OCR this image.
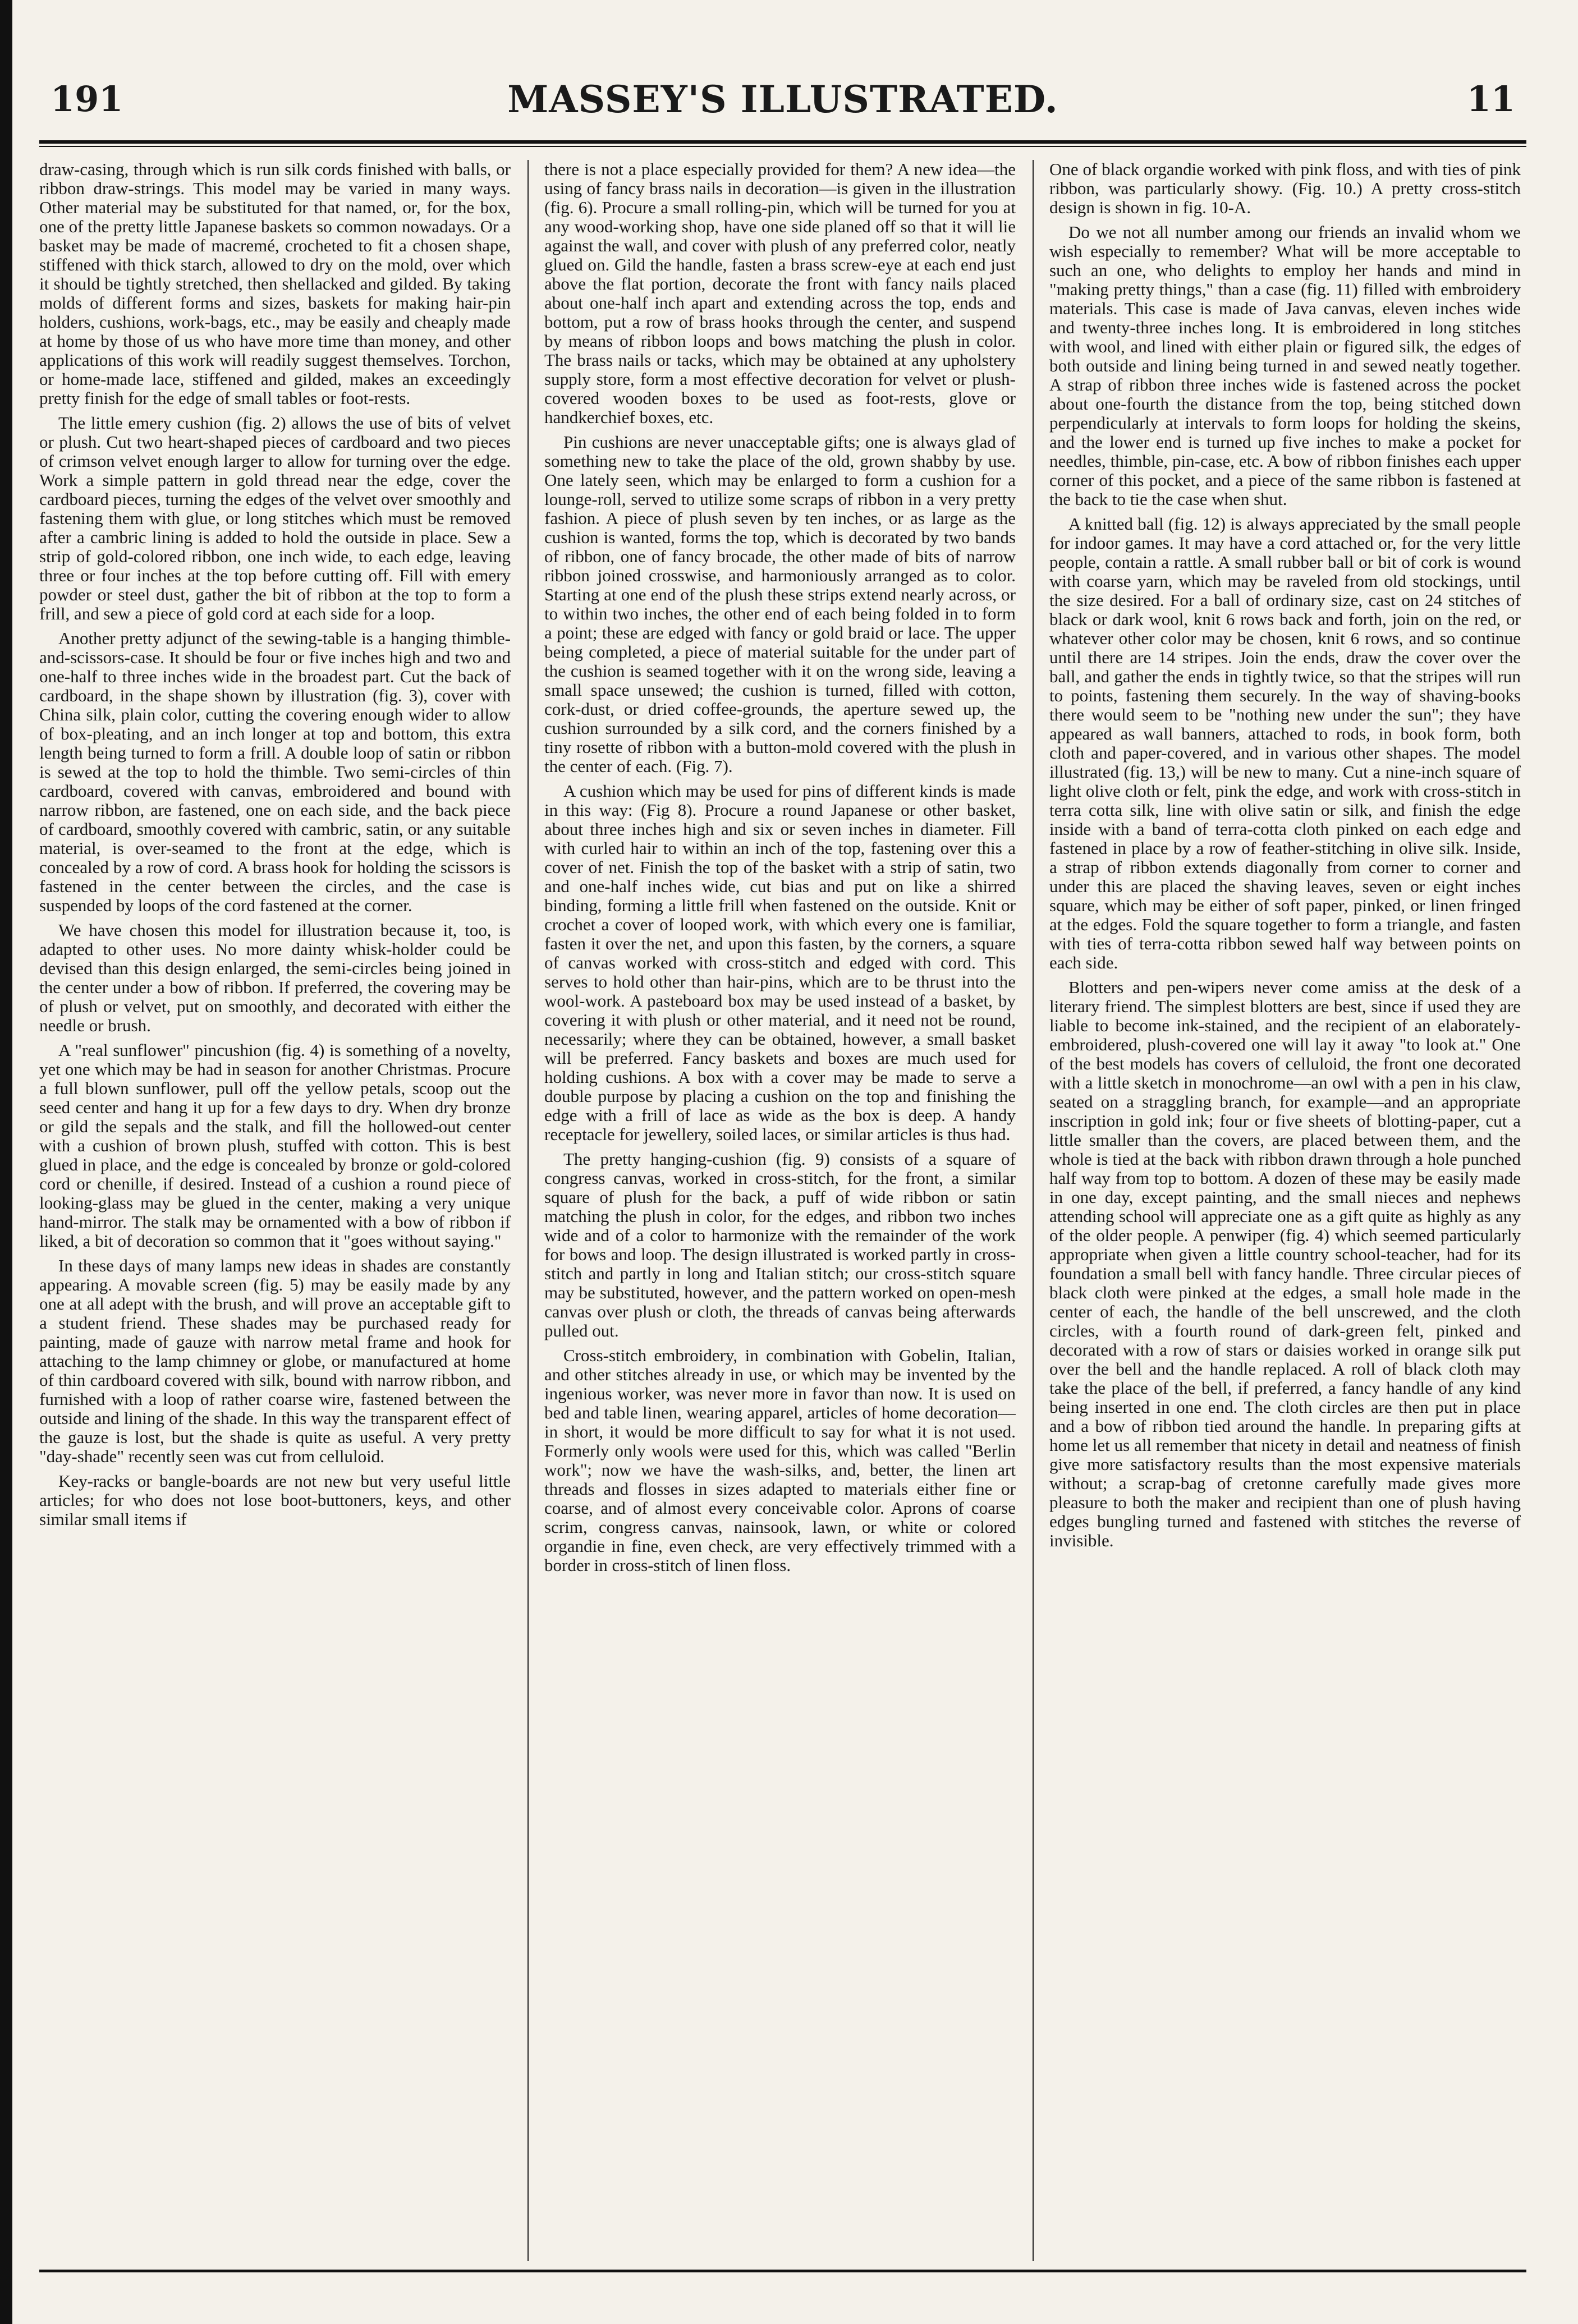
191	MASSEY'S ILLUSTRATED.	11

draw-casing, through which is run silk cords finished with balls, or ribbon draw-strings. This model may be varied in many ways. Other material may be substituted for that named, or, for the box, one of the pretty little Japanese baskets so common nowadays. Or a basket may be made of macremé, crocheted to fit a chosen shape, stiffened with thick starch, allowed to dry on the mold, over which it should be tightly stretched, then shellacked and gilded. By taking molds of different forms and sizes, baskets for making hair-pin holders, cushions, work-bags, etc., may be easily and cheaply made at home by those of us who have more time than money, and other applications of this work will readily suggest themselves. Torchon, or home-made lace, stiffened and gilded, makes an exceedingly pretty finish for the edge of small tables or foot-rests.

The little emery cushion (fig. 2) allows the use of bits of velvet or plush. Cut two heart-shaped pieces of cardboard and two pieces of crimson velvet enough larger to allow for turning over the edge. Work a simple pattern in gold thread near the edge, cover the cardboard pieces, turning the edges of the velvet over smoothly and fastening them with glue, or long stitches which must be removed after a cambric lining is added to hold the outside in place. Sew a strip of gold-colored ribbon, one inch wide, to each edge, leaving three or four inches at the top before cutting off. Fill with emery powder or steel dust, gather the bit of ribbon at the top to form a frill, and sew a piece of gold cord at each side for a loop.

Another pretty adjunct of the sewing-table is a hanging thimble-and-scissors-case. It should be four or five inches high and two and one-half to three inches wide in the broadest part. Cut the back of cardboard, in the shape shown by illustration (fig. 3), cover with China silk, plain color, cutting the covering enough wider to allow of box-pleating, and an inch longer at top and bottom, this extra length being turned to form a frill. A double loop of satin or ribbon is sewed at the top to hold the thimble. Two semi-circles of thin cardboard, covered with canvas, embroidered and bound with narrow ribbon, are fastened, one on each side, and the back piece of cardboard, smoothly covered with cambric, satin, or any suitable material, is over-seamed to the front at the edge, which is concealed by a row of cord. A brass hook for holding the scissors is fastened in the center between the circles, and the case is suspended by loops of the cord fastened at the corner.

We have chosen this model for illustration because it, too, is adapted to other uses. No more dainty whisk-holder could be devised than this design enlarged, the semi-circles being joined in the center under a bow of ribbon. If preferred, the covering may be of plush or velvet, put on smoothly, and decorated with either the needle or brush.

A "real sunflower" pincushion (fig. 4) is something of a novelty, yet one which may be had in season for another Christmas. Procure a full blown sunflower, pull off the yellow petals, scoop out the seed center and hang it up for a few days to dry. When dry bronze or gild the sepals and the stalk, and fill the hollowed-out center with a cushion of brown plush, stuffed with cotton. This is best glued in place, and the edge is concealed by bronze or gold-colored cord or chenille, if desired. Instead of a cushion a round piece of looking-glass may be glued in the center, making a very unique hand-mirror. The stalk may be ornamented with a bow of ribbon if liked, a bit of decoration so common that it "goes without saying."

In these days of many lamps new ideas in shades are constantly appearing. A movable screen (fig. 5) may be easily made by any one at all adept with the brush, and will prove an acceptable gift to a student friend. These shades may be purchased ready for painting, made of gauze with narrow metal frame and hook for attaching to the lamp chimney or globe, or manufactured at home of thin cardboard covered with silk, bound with narrow ribbon, and furnished with a loop of rather coarse wire, fastened between the outside and lining of the shade. In this way the transparent effect of the gauze is lost, but the shade is quite as useful. A very pretty "day-shade" recently seen was cut from celluloid.

Key-racks or bangle-boards are not new but very useful little articles; for who does not lose boot-buttoners, keys, and other similar small items if

there is not a place especially provided for them? A new idea—the using of fancy brass nails in decoration—is given in the illustration (fig. 6). Procure a small rolling-pin, which will be turned for you at any wood-working shop, have one side planed off so that it will lie against the wall, and cover with plush of any preferred color, neatly glued on. Gild the handle, fasten a brass screw-eye at each end just above the flat portion, decorate the front with fancy nails placed about one-half inch apart and extending across the top, ends and bottom, put a row of brass hooks through the center, and suspend by means of ribbon loops and bows matching the plush in color. The brass nails or tacks, which may be obtained at any upholstery supply store, form a most effective decoration for velvet or plush-covered wooden boxes to be used as foot-rests, glove or handkerchief boxes, etc.

Pin cushions are never unacceptable gifts; one is always glad of something new to take the place of the old, grown shabby by use. One lately seen, which may be enlarged to form a cushion for a lounge-roll, served to utilize some scraps of ribbon in a very pretty fashion. A piece of plush seven by ten inches, or as large as the cushion is wanted, forms the top, which is decorated by two bands of ribbon, one of fancy brocade, the other made of bits of narrow ribbon joined crosswise, and harmoniously arranged as to color. Starting at one end of the plush these strips extend nearly across, or to within two inches, the other end of each being folded in to form a point; these are edged with fancy or gold braid or lace. The upper being completed, a piece of material suitable for the under part of the cushion is seamed together with it on the wrong side, leaving a small space unsewed; the cushion is turned, filled with cotton, cork-dust, or dried coffee-grounds, the aperture sewed up, the cushion surrounded by a silk cord, and the corners finished by a tiny rosette of ribbon with a button-mold covered with the plush in the center of each. (Fig. 7).

A cushion which may be used for pins of different kinds is made in this way: (Fig 8). Procure a round Japanese or other basket, about three inches high and six or seven inches in diameter. Fill with curled hair to within an inch of the top, fastening over this a cover of net. Finish the top of the basket with a strip of satin, two and one-half inches wide, cut bias and put on like a shirred binding, forming a little frill when fastened on the outside. Knit or crochet a cover of looped work, with which every one is familiar, fasten it over the net, and upon this fasten, by the corners, a square of canvas worked with cross-stitch and edged with cord. This serves to hold other than hair-pins, which are to be thrust into the wool-work. A pasteboard box may be used instead of a basket, by covering it with plush or other material, and it need not be round, necessarily; where they can be obtained, however, a small basket will be preferred. Fancy baskets and boxes are much used for holding cushions. A box with a cover may be made to serve a double purpose by placing a cushion on the top and finishing the edge with a frill of lace as wide as the box is deep. A handy receptacle for jewellery, soiled laces, or similar articles is thus had.

The pretty hanging-cushion (fig. 9) consists of a square of congress canvas, worked in cross-stitch, for the front, a similar square of plush for the back, a puff of wide ribbon or satin matching the plush in color, for the edges, and ribbon two inches wide and of a color to harmonize with the remainder of the work for bows and loop. The design illustrated is worked partly in cross-stitch and partly in long and Italian stitch; our cross-stitch square may be substituted, however, and the pattern worked on open-mesh canvas over plush or cloth, the threads of canvas being afterwards pulled out.

Cross-stitch embroidery, in combination with Gobelin, Italian, and other stitches already in use, or which may be invented by the ingenious worker, was never more in favor than now. It is used on bed and table linen, wearing apparel, articles of home decoration—in short, it would be more difficult to say for what it is not used. Formerly only wools were used for this, which was called "Berlin work"; now we have the wash-silks, and, better, the linen art threads and flosses in sizes adapted to materials either fine or coarse, and of almost every conceivable color. Aprons of coarse scrim, congress canvas, nainsook, lawn, or white or colored organdie in fine, even check, are very effectively trimmed with a border in cross-stitch of linen floss.

One of black organdie worked with pink floss, and with ties of pink ribbon, was particularly showy. (Fig. 10.) A pretty cross-stitch design is shown in fig. 10-A.

Do we not all number among our friends an invalid whom we wish especially to remember? What will be more acceptable to such an one, who delights to employ her hands and mind in "making pretty things," than a case (fig. 11) filled with embroidery materials. This case is made of Java canvas, eleven inches wide and twenty-three inches long. It is embroidered in long stitches with wool, and lined with either plain or figured silk, the edges of both outside and lining being turned in and sewed neatly together. A strap of ribbon three inches wide is fastened across the pocket about one-fourth the distance from the top, being stitched down perpendicularly at intervals to form loops for holding the skeins, and the lower end is turned up five inches to make a pocket for needles, thimble, pin-case, etc. A bow of ribbon finishes each upper corner of this pocket, and a piece of the same ribbon is fastened at the back to tie the case when shut.

A knitted ball (fig. 12) is always appreciated by the small people for indoor games. It may have a cord attached or, for the very little people, contain a rattle. A small rubber ball or bit of cork is wound with coarse yarn, which may be raveled from old stockings, until the size desired. For a ball of ordinary size, cast on 24 stitches of black or dark wool, knit 6 rows back and forth, join on the red, or whatever other color may be chosen, knit 6 rows, and so continue until there are 14 stripes. Join the ends, draw the cover over the ball, and gather the ends in tightly twice, so that the stripes will run to points, fastening them securely. In the way of shaving-books there would seem to be "nothing new under the sun"; they have appeared as wall banners, attached to rods, in book form, both cloth and paper-covered, and in various other shapes. The model illustrated (fig. 13,) will be new to many. Cut a nine-inch square of light olive cloth or felt, pink the edge, and work with cross-stitch in terra cotta silk, line with olive satin or silk, and finish the edge inside with a band of terra-cotta cloth pinked on each edge and fastened in place by a row of feather-stitching in olive silk. Inside, a strap of ribbon extends diagonally from corner to corner and under this are placed the shaving leaves, seven or eight inches square, which may be either of soft paper, pinked, or linen fringed at the edges. Fold the square together to form a triangle, and fasten with ties of terra-cotta ribbon sewed half way between points on each side.

Blotters and pen-wipers never come amiss at the desk of a literary friend. The simplest blotters are best, since if used they are liable to become ink-stained, and the recipient of an elaborately-embroidered, plush-covered one will lay it away "to look at." One of the best models has covers of celluloid, the front one decorated with a little sketch in monochrome—an owl with a pen in his claw, seated on a straggling branch, for example—and an appropriate inscription in gold ink; four or five sheets of blotting-paper, cut a little smaller than the covers, are placed between them, and the whole is tied at the back with ribbon drawn through a hole punched half way from top to bottom. A dozen of these may be easily made in one day, except painting, and the small nieces and nephews attending school will appreciate one as a gift quite as highly as any of the older people. A penwiper (fig. 4) which seemed particularly appropriate when given a little country school-teacher, had for its foundation a small bell with fancy handle. Three circular pieces of black cloth were pinked at the edges, a small hole made in the center of each, the handle of the bell unscrewed, and the cloth circles, with a fourth round of dark-green felt, pinked and decorated with a row of stars or daisies worked in orange silk put over the bell and the handle replaced. A roll of black cloth may take the place of the bell, if preferred, a fancy handle of any kind being inserted in one end. The cloth circles are then put in place and a bow of ribbon tied around the handle. In preparing gifts at home let us all remember that nicety in detail and neatness of finish give more satisfactory results than the most expensive materials without; a scrap-bag of cretonne carefully made gives more pleasure to both the maker and recipient than one of plush having edges bungling turned and fastened with stitches the reverse of invisible.
